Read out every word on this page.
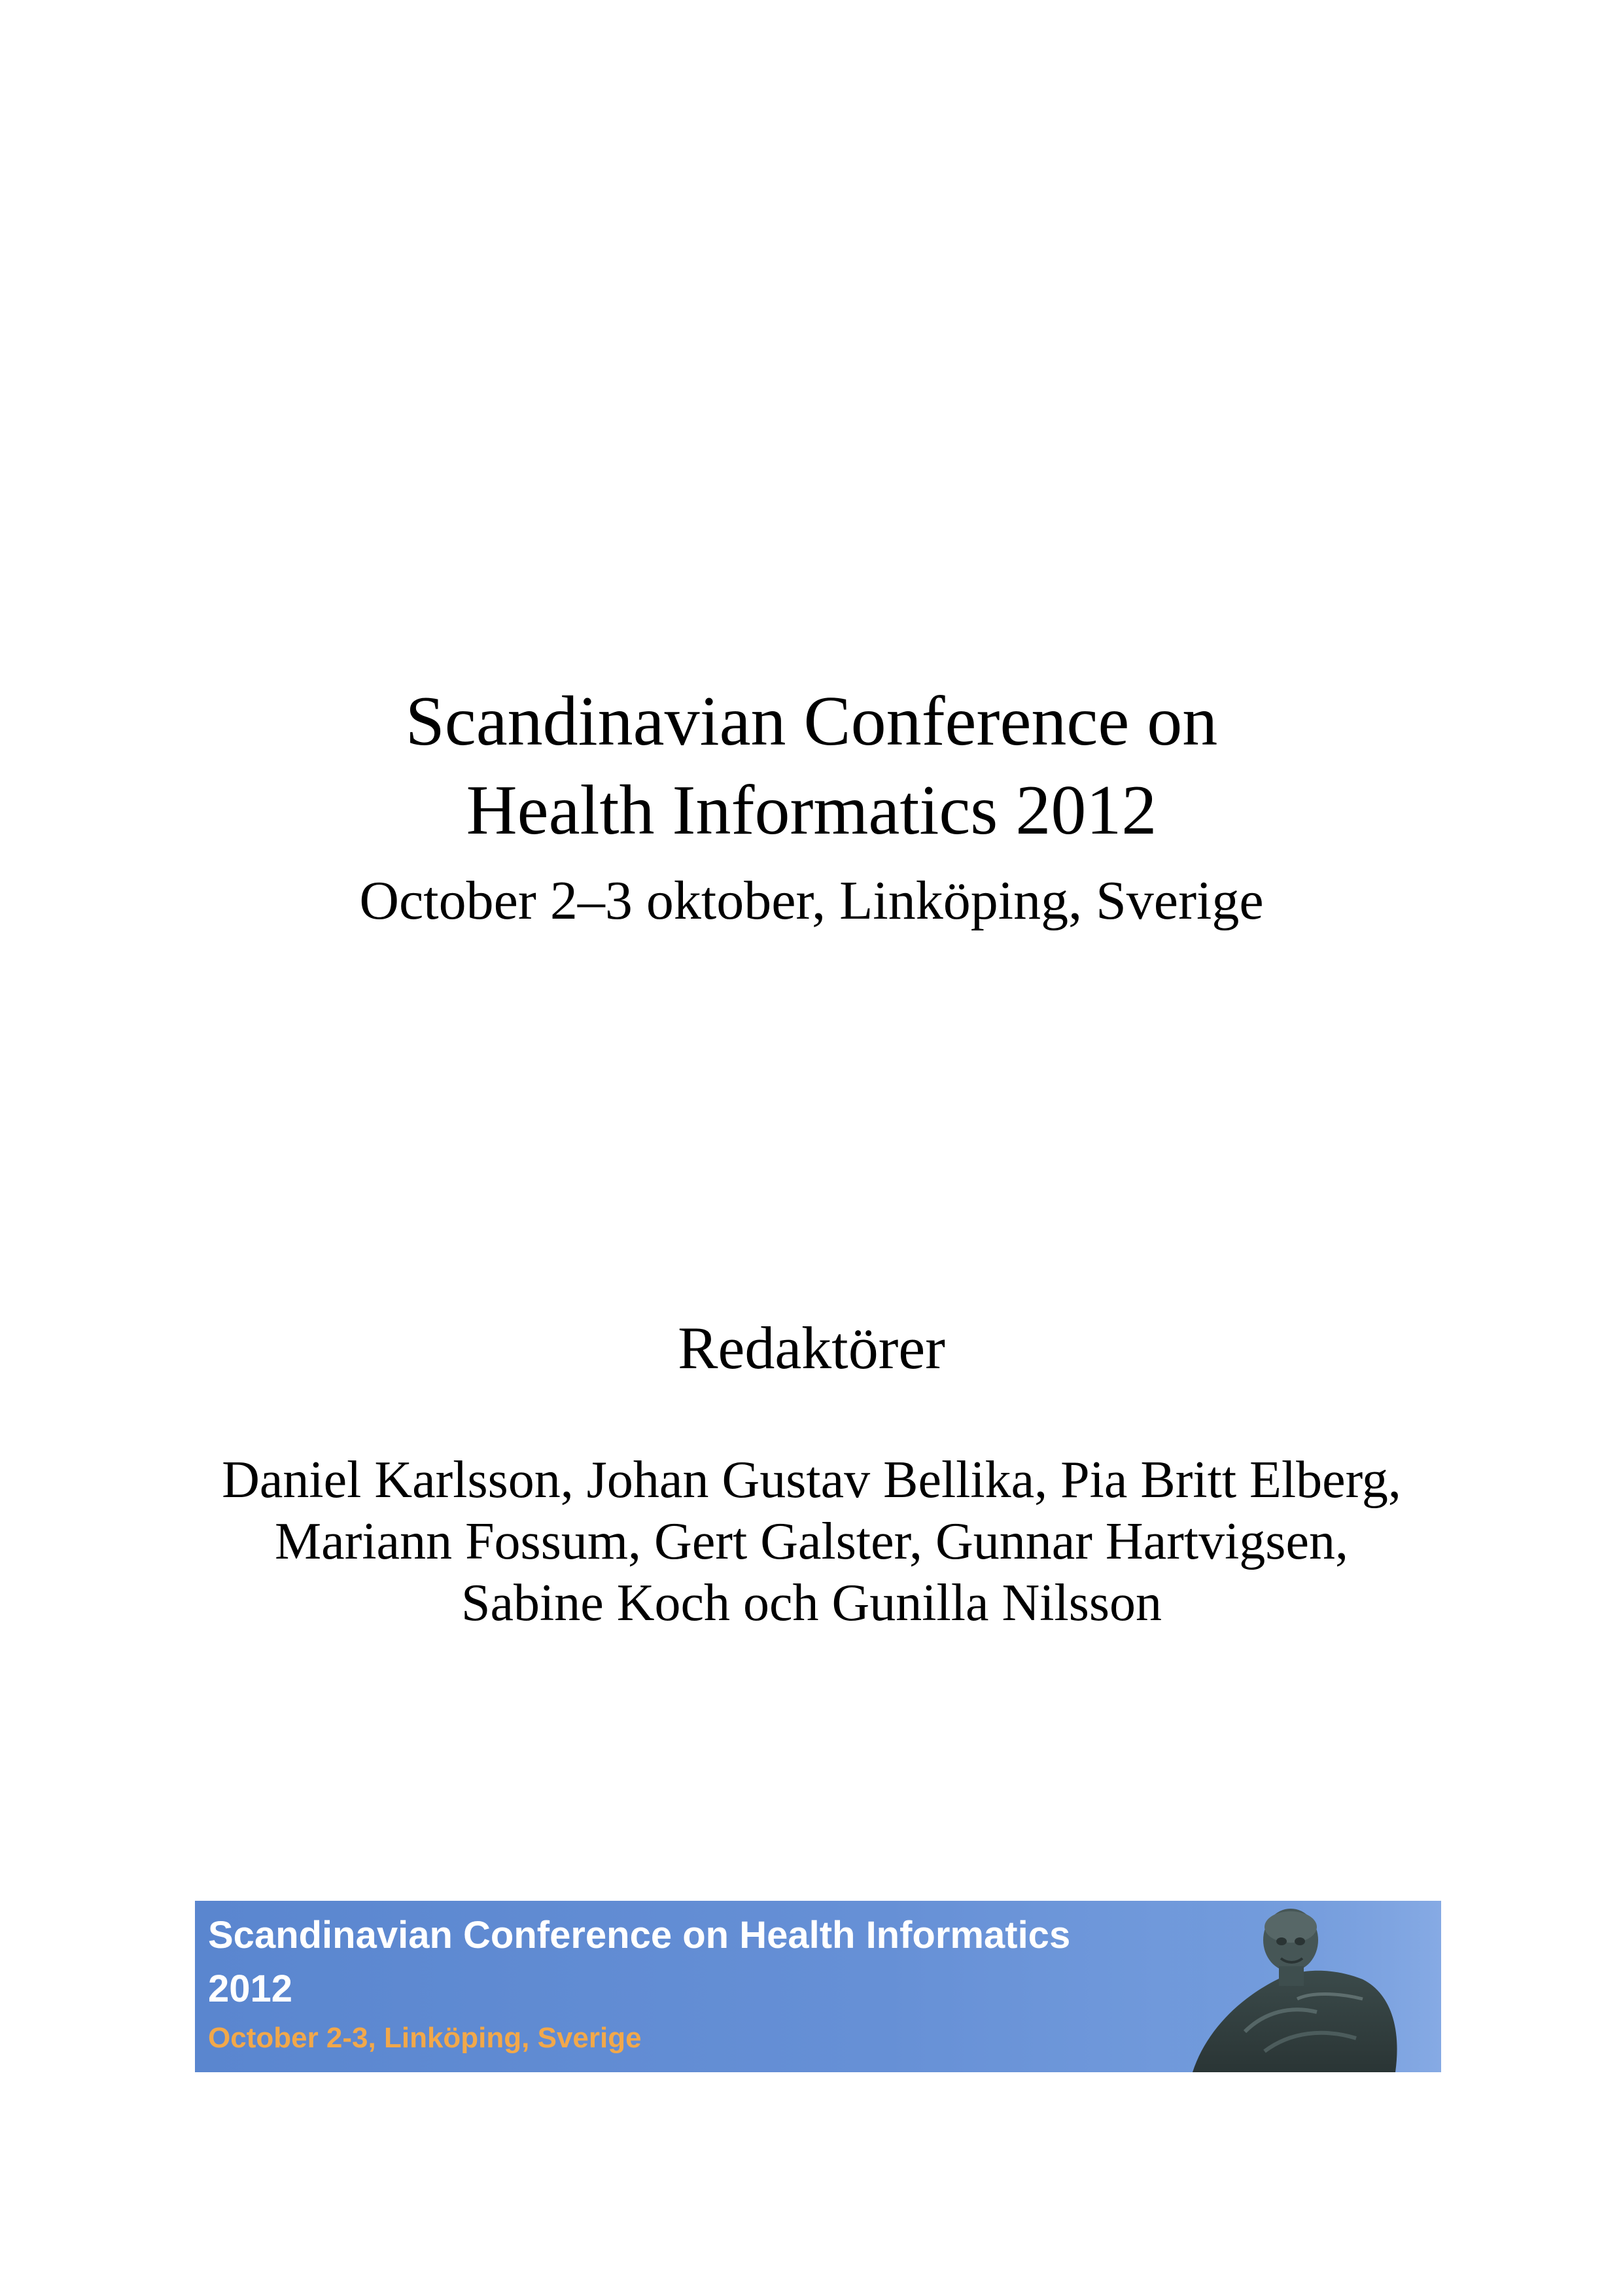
Scandinavian Conference on
Health Informatics 2012
October 2–3 oktober, Linköping, Sverige
Redaktörer
Daniel Karlsson, Johan Gustav Bellika, Pia Britt Elberg,
Mariann Fossum, Gert Galster, Gunnar Hartvigsen,
Sabine Koch och Gunilla Nilsson
Scandinavian Conference on Health Informatics
2012
October 2-3, Linköping, Sverige
